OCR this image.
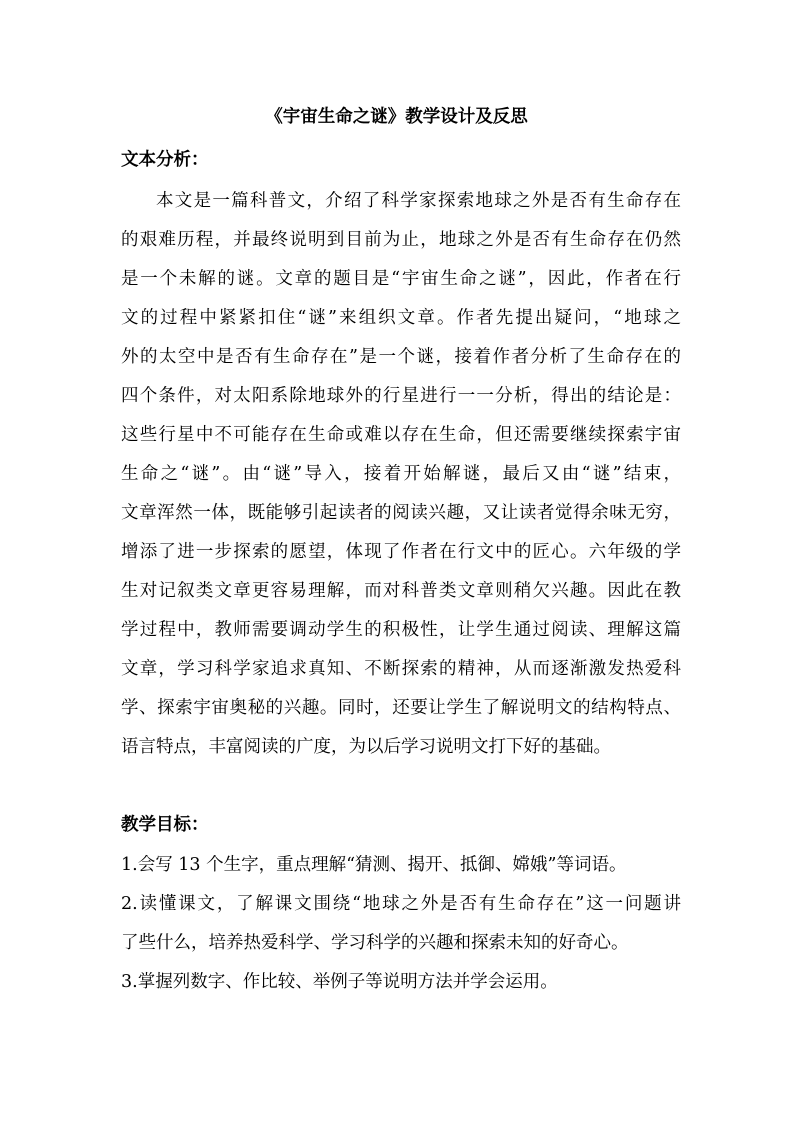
《宇宙生命之谜》教学设计及反思
文本分析：
本文是一篇科普文，介绍了科学家探索地球之外是否有生命存在
的艰难历程，并最终说明到目前为止，地球之外是否有生命存在仍然
是一个未解的谜。文章的题目是“宇宙生命之谜”，因此，作者在行
文的过程中紧紧扣住“谜”来组织文章。作者先提出疑问，“地球之
外的太空中是否有生命存在”是一个谜，接着作者分析了生命存在的
四个条件，对太阳系除地球外的行星进行一一分析，得出的结论是：
这些行星中不可能存在生命或难以存在生命，但还需要继续探索宇宙
生命之“谜”。由“谜”导入，接着开始解谜，最后又由“谜”结束，
文章浑然一体，既能够引起读者的阅读兴趣，又让读者觉得余味无穷，
增添了进一步探索的愿望，体现了作者在行文中的匠心。六年级的学
生对记叙类文章更容易理解，而对科普类文章则稍欠兴趣。因此在教
学过程中，教师需要调动学生的积极性，让学生通过阅读、理解这篇
文章，学习科学家追求真知、不断探索的精神，从而逐渐激发热爱科
学、探索宇宙奥秘的兴趣。同时，还要让学生了解说明文的结构特点、
语言特点，丰富阅读的广度，为以后学习说明文打下好的基础。
教学目标：
1.会写 13 个生字，重点理解“猜测、揭开、抵御、嫦娥”等词语。
2.读懂课文，了解课文围绕“地球之外是否有生命存在”这一问题讲
了些什么，培养热爱科学、学习科学的兴趣和探索未知的好奇心。
3.掌握列数字、作比较、举例子等说明方法并学会运用。
